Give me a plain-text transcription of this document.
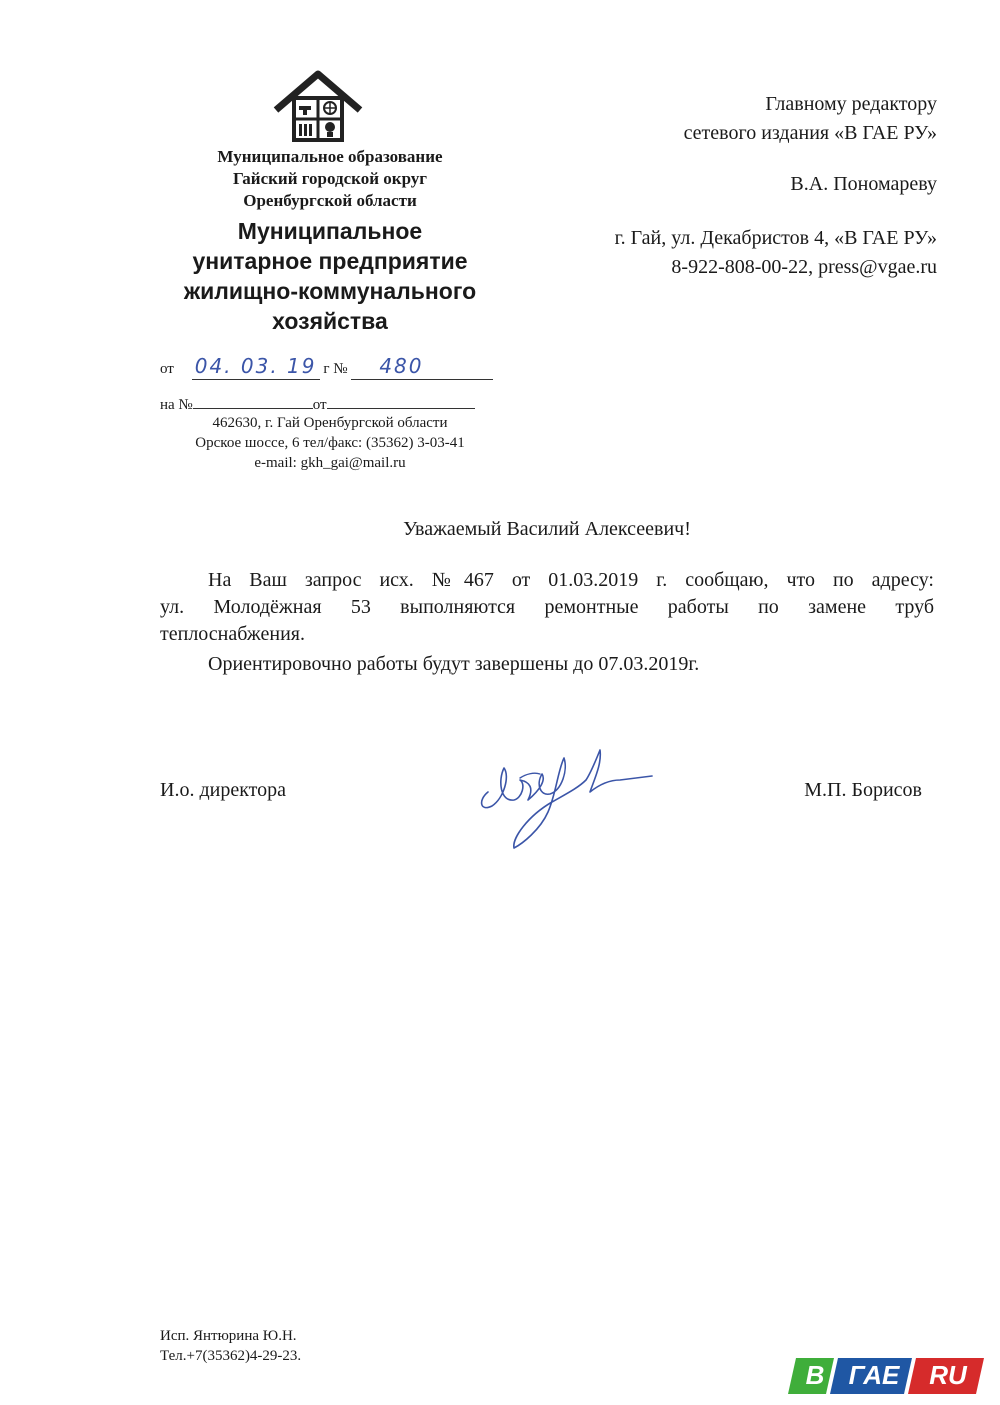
Муниципальное образование
Гайский городской округ
Оренбургской области
Муниципальное
унитарное предприятие
жилищно-коммунального
хозяйства
от 04. 03. 19 г № 480
на №	от
462630, г. Гай Оренбургской области
Орское шоссе, 6 тел/факс: (35362) 3-03-41
e-mail: gkh_gai@mail.ru
Главному редактору
сетевого издания «В ГАЕ РУ»
В.А. Пономареву
г. Гай, ул. Декабристов 4, «В ГАЕ РУ»
8-922-808-00-22, press@vgae.ru
Уважаемый Василий Алексеевич!
На Ваш запрос исх. №467 от 01.03.2019 г. сообщаю, что по адресу:
ул. Молодёжная 53 выполняются ремонтные работы по замене труб
теплоснабжения.
Ориентировочно работы будут завершены до 07.03.2019г.
И.о. директора	М.П. Борисов
Исп. Янтюрина Ю.Н.
Тел.+7(35362)4-29-23.
В ГАЕ	RU
